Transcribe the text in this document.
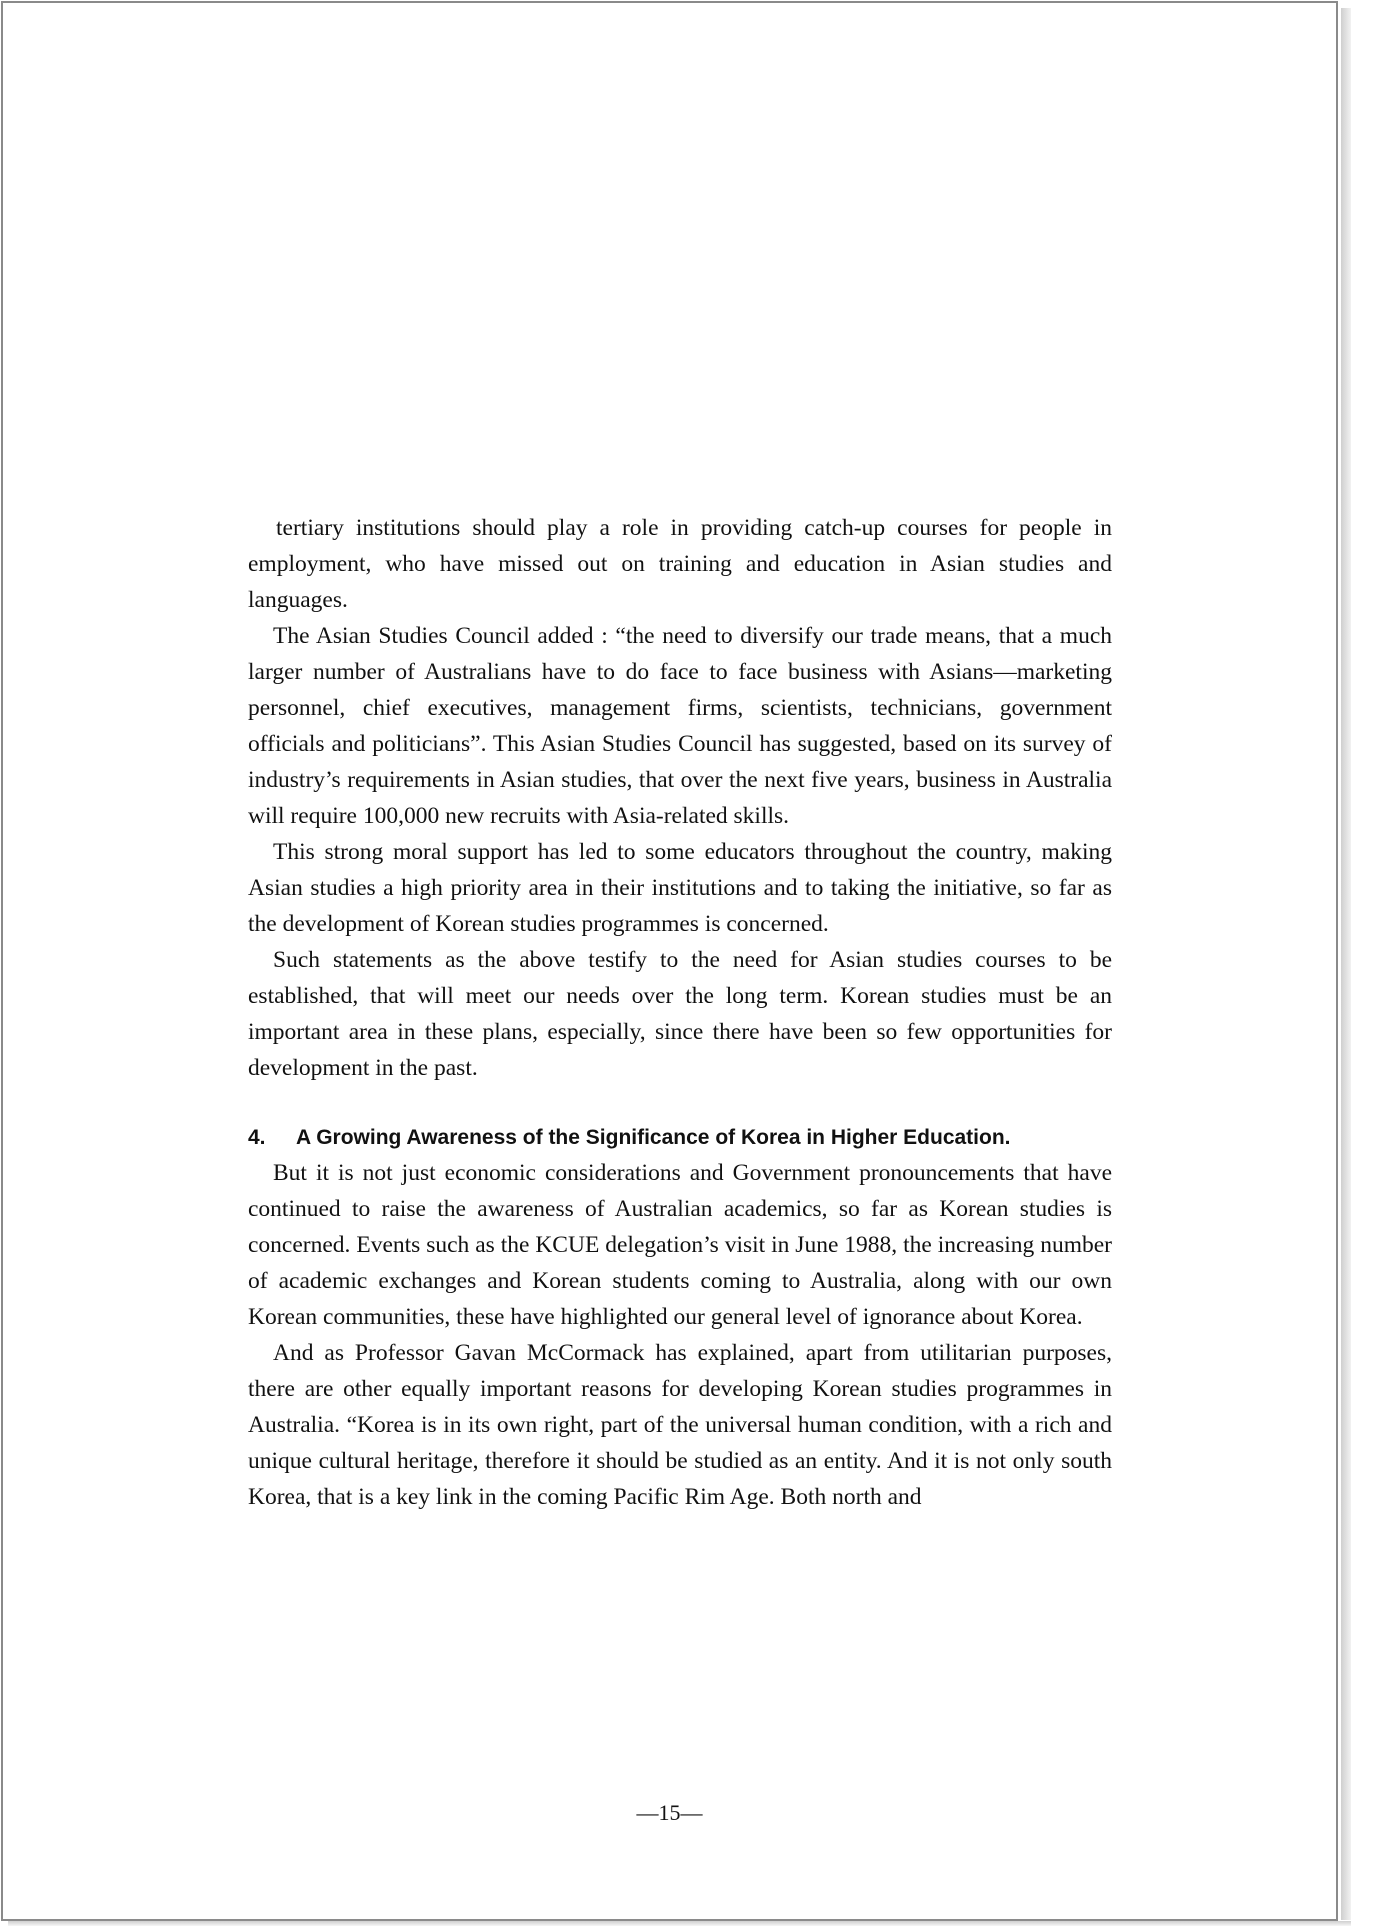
tertiary institutions should play a role in providing catch-up courses for people in employment, who have missed out on training and education in Asian studies and languages.

The Asian Studies Council added : “the need to diversify our trade means, that a much larger number of Australians have to do face to face business with Asians—marketing personnel, chief executives, management firms, scientists, technicians, government officials and politicians”. This Asian Studies Council has suggested, based on its survey of industry’s requirements in Asian studies, that over the next five years, business in Australia will require 100,000 new recruits with Asia-related skills.

This strong moral support has led to some educators throughout the country, making Asian studies a high priority area in their institutions and to taking the initiative, so far as the development of Korean studies programmes is concerned.

Such statements as the above testify to the need for Asian studies courses to be established, that will meet our needs over the long term. Korean studies must be an important area in these plans, especially, since there have been so few opportunities for development in the past.

4.	A Growing Awareness of the Significance of Korea in Higher Education.

But it is not just economic considerations and Government pronouncements that have continued to raise the awareness of Australian academics, so far as Korean studies is concerned. Events such as the KCUE delegation’s visit in June 1988, the increasing number of academic exchanges and Korean students coming to Australia, along with our own Korean communities, these have highlighted our general level of ignorance about Korea.

And as Professor Gavan McCormack has explained, apart from utilitarian purposes, there are other equally important reasons for developing Korean studies programmes in Australia. “Korea is in its own right, part of the universal human condition, with a rich and unique cultural heritage, therefore it should be studied as an entity. And it is not only south Korea, that is a key link in the coming Pacific Rim Age. Both north and

—15—
